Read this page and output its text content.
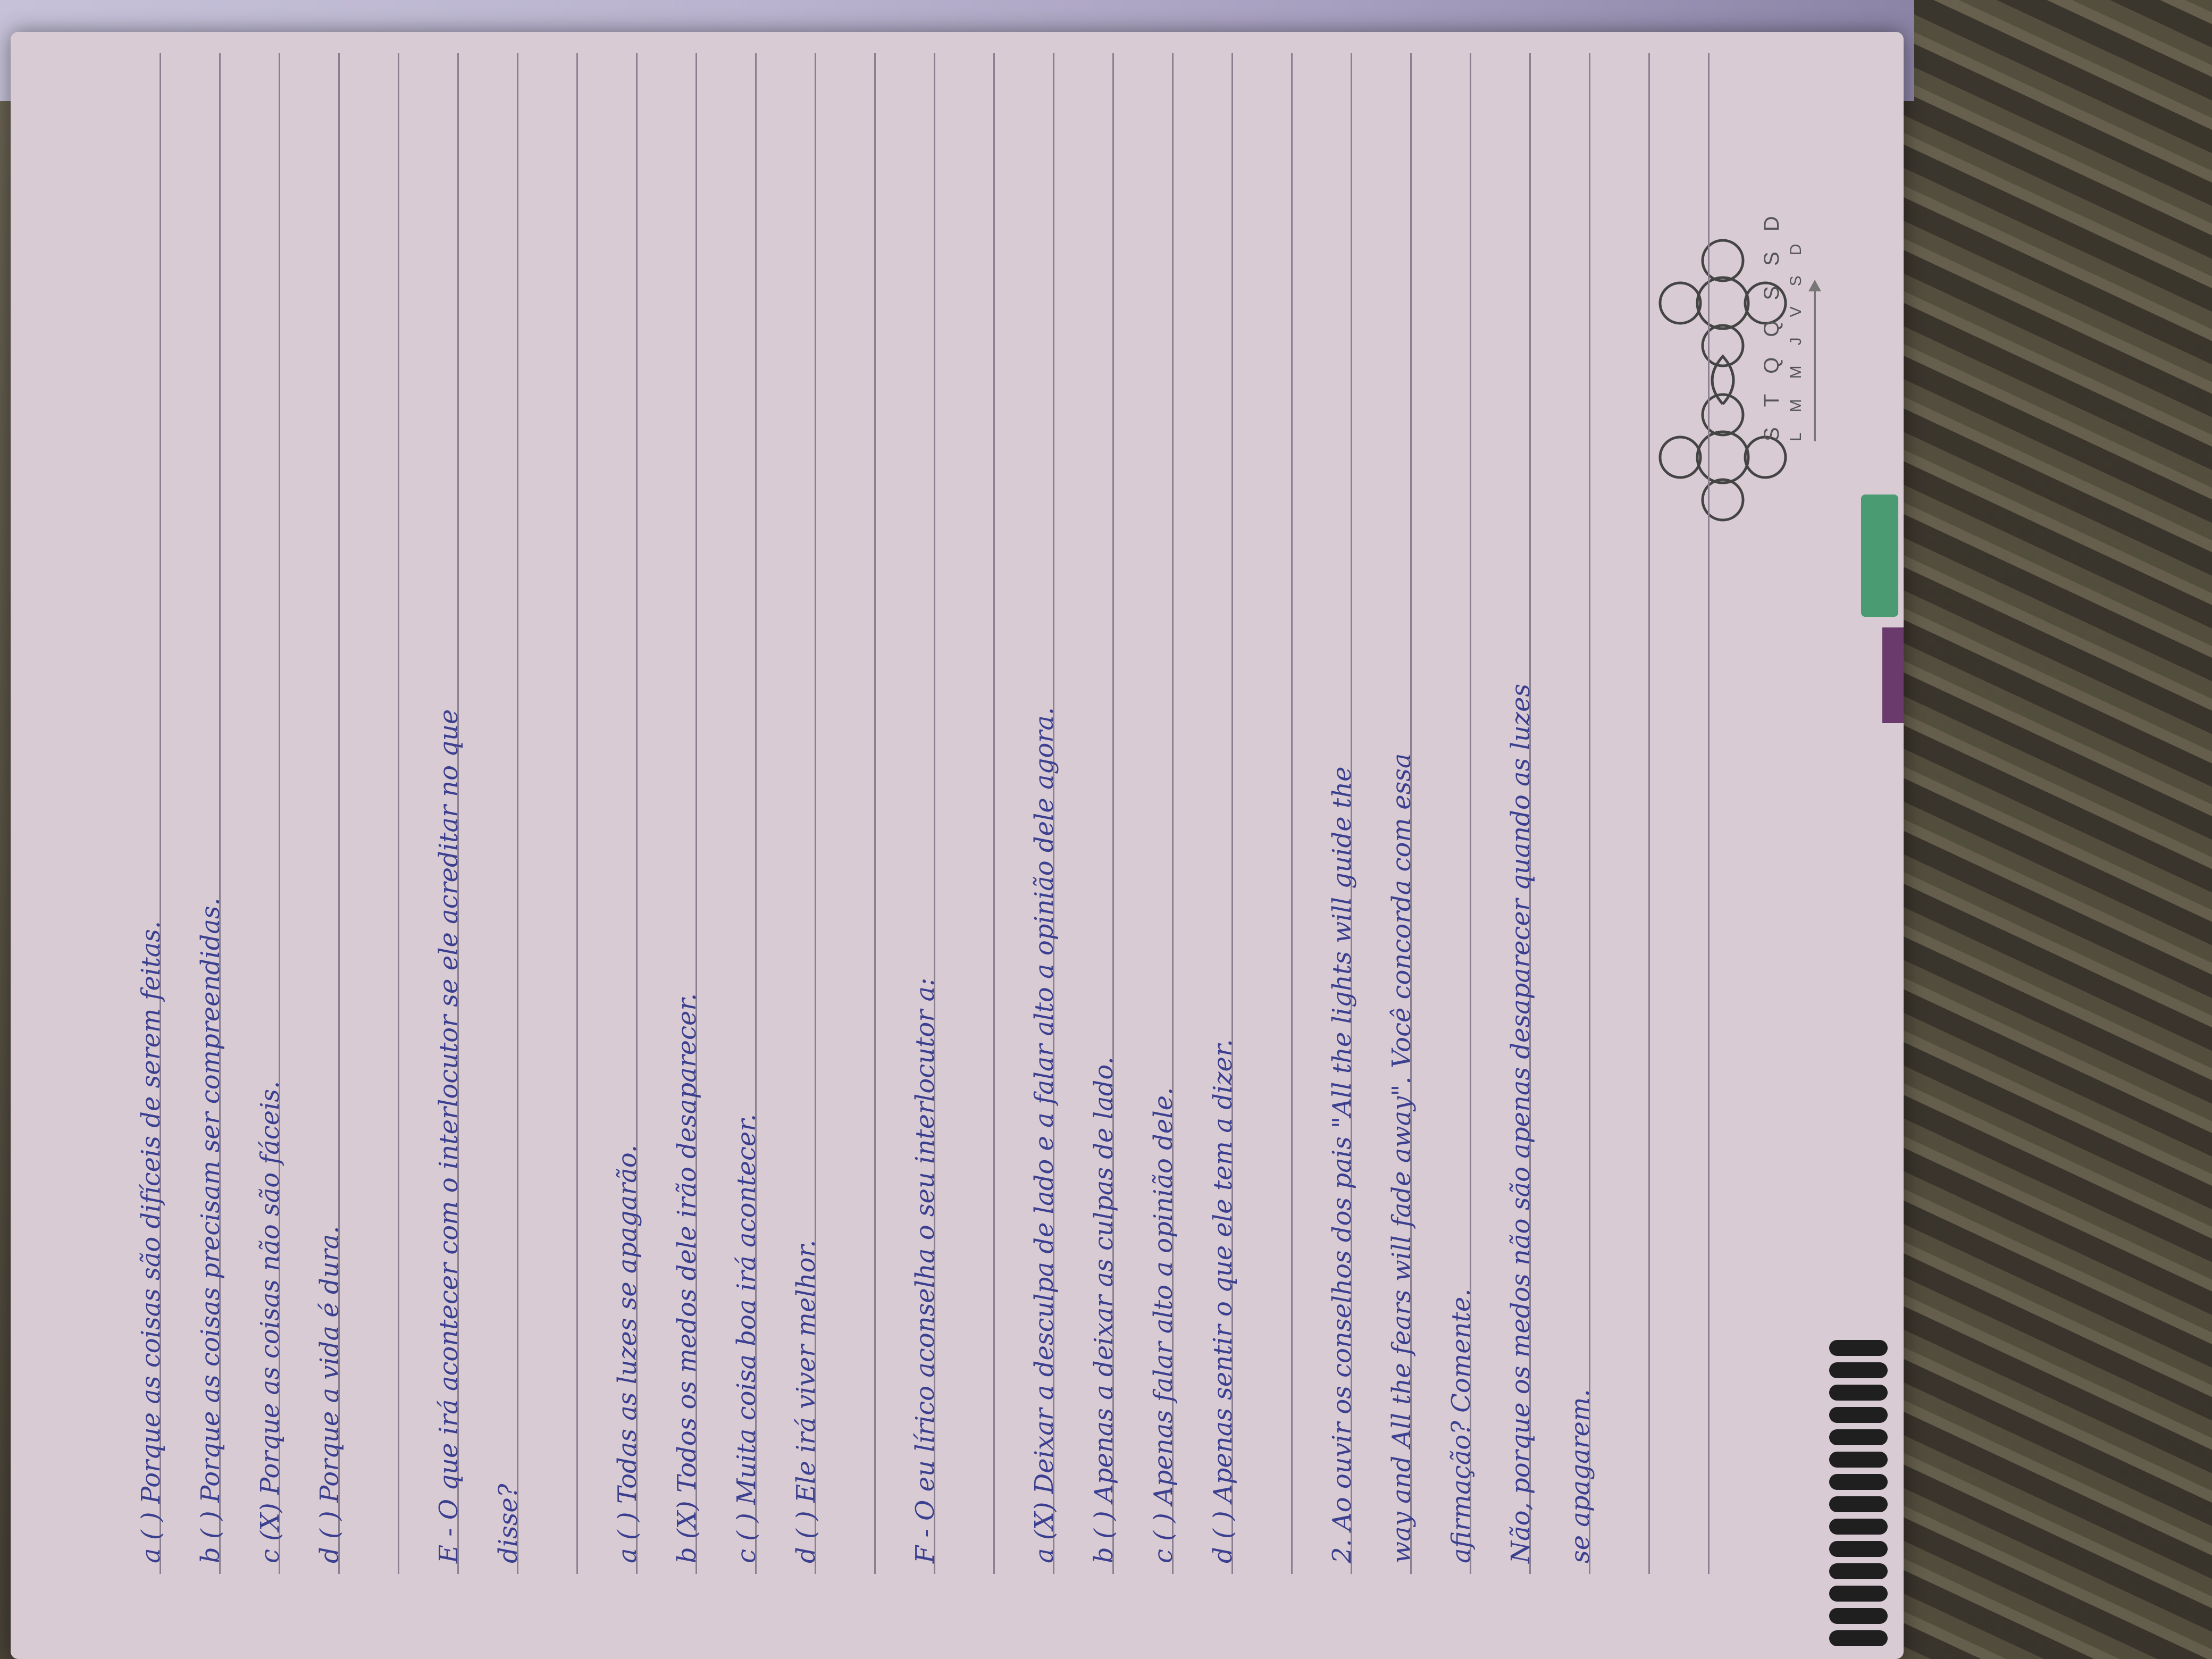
S
T
Q
Q
S
S
D
L
M
M
J
V
S
D
a ( ) Porque as coisas são difíceis de serem feitas. b ( ) Porque as coisas precisam ser compreendidas. c (X) Porque as coisas não são fáceis. d ( ) Porque a vida é dura.	E - O que irá acontecer com o interlocutor se ele acreditar no que disse?	a ( ) Todas as luzes se apagarão. b (X) Todos os medos dele irão desaparecer. c ( ) Muita coisa boa irá acontecer. d ( ) Ele irá viver melhor.	F - O eu lírico aconselha o seu interlocutor a:	a (X) Deixar a desculpa de lado e a falar alto a opinião dele agora. b ( ) Apenas a deixar as culpas de lado. c ( ) Apenas falar alto a opinião dele. d ( ) Apenas sentir o que ele tem a dizer.	2. Ao ouvir os conselhos dos pais "All the lights will guide the way and All the fears will fade away". Você concorda com essa afirmação? Comente. Não, porque os medos não são apenas desaparecer quando as luzes se apagarem.
